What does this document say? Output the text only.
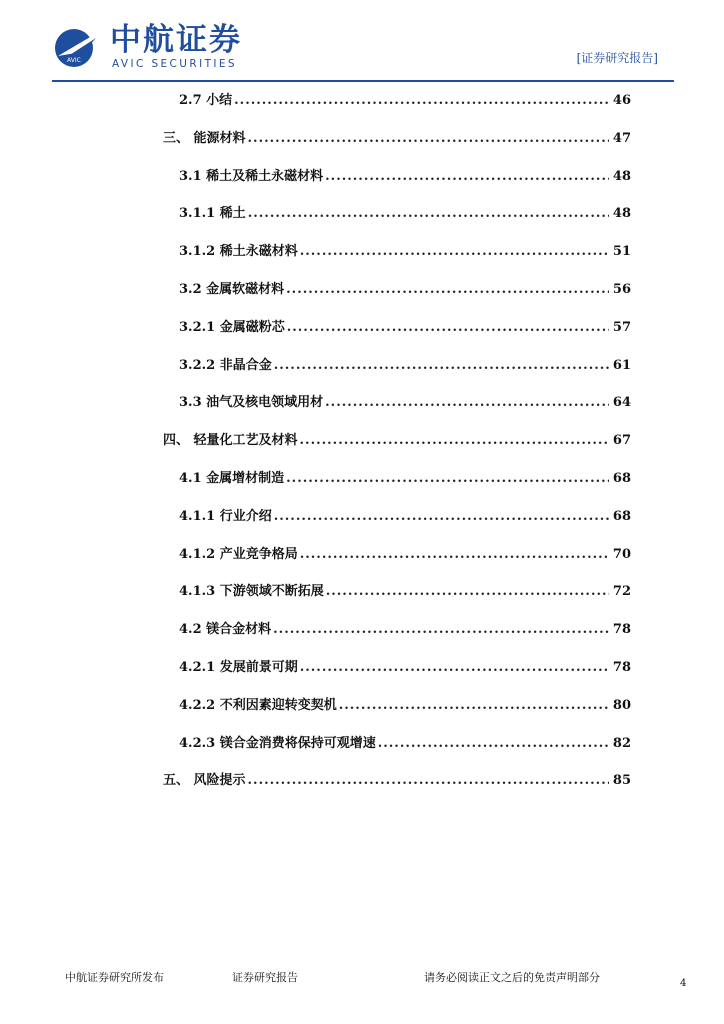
AVIC
中航证券
AVIC SECURITIES	[证券研究报告]
2.7 小结 .....	46
三、 能源材料 .....	47
3.1 稀土及稀土永磁材料 .....	48
3.1.1 稀土 .....	48
3.1.2 稀土永磁材料 .....	51
3.2 金属软磁材料 .....	56
3.2.1 金属磁粉芯 .....	57
3.2.2 非晶合金 .....	61
3.3 油气及核电领域用材 .....	64
四、 轻量化工艺及材料 .....	67
4.1 金属增材制造 .....	68
4.1.1 行业介绍 .....	68
4.1.2 产业竞争格局 .....	70
4.1.3 下游领域不断拓展 .....	72
4.2 镁合金材料 .....	78
4.2.1 发展前景可期 .....	78
4.2.2 不利因素迎转变契机 .....	80
4.2.3 镁合金消费将保持可观增速 .....	82
五、 风险提示 .....	85
中航证券研究所发布	证券研究报告	请务必阅读正文之后的免责声明部分	4
